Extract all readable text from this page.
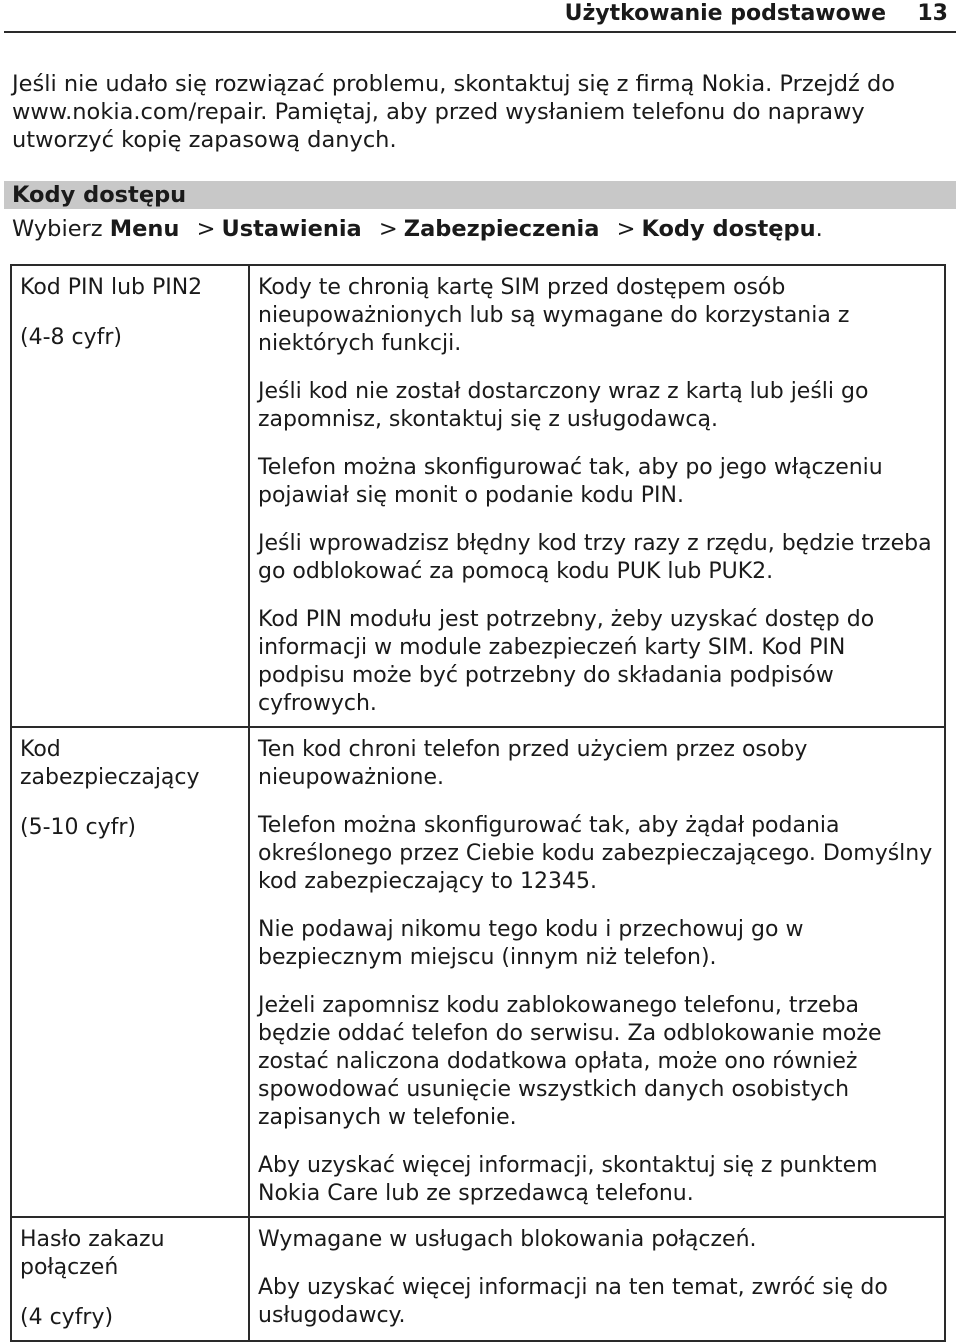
Użytkowanie podstawowe 13

Jeśli nie udało się rozwiązać problemu, skontaktuj się z firmą Nokia. Przejdź do www.nokia.com/repair. Pamiętaj, aby przed wysłaniem telefonu do naprawy utworzyć kopię zapasową danych.

Kody dostępu
Wybierz Menu > Ustawienia > Zabezpieczenia > Kody dostępu.
Kod PIN lub PIN2
(4-8 cyfr)	Kody te chronią kartę SIM przed dostępem osób nieupoważnionych lub są wymagane do korzystania z niektórych funkcji.
Jeśli kod nie został dostarczony wraz z kartą lub jeśli go zapomnisz, skontaktuj się z usługodawcą.
Telefon można skonfigurować tak, aby po jego włączeniu pojawiał się monit o podanie kodu PIN.
Jeśli wprowadzisz błędny kod trzy razy z rzędu, będzie trzeba go odblokować za pomocą kodu PUK lub PUK2.
Kod PIN modułu jest potrzebny, żeby uzyskać dostęp do informacji w module zabezpieczeń karty SIM. Kod PIN podpisu może być potrzebny do składania podpisów cyfrowych.

Kod zabezpieczający
(5-10 cyfr)	Ten kod chroni telefon przed użyciem przez osoby nieupoważnione.
Telefon można skonfigurować tak, aby żądał podania określonego przez Ciebie kodu zabezpieczającego. Domyślny kod zabezpieczający to 12345.
Nie podawaj nikomu tego kodu i przechowuj go w bezpiecznym miejscu (innym niż telefon).
Jeżeli zapomnisz kodu zablokowanego telefonu, trzeba będzie oddać telefon do serwisu. Za odblokowanie może zostać naliczona dodatkowa opłata, może ono również spowodować usunięcie wszystkich danych osobistych zapisanych w telefonie.
Aby uzyskać więcej informacji, skontaktuj się z punktem Nokia Care lub ze sprzedawcą telefonu.

Hasło zakazu połączeń
(4 cyfry)	Wymagane w usługach blokowania połączeń.
Aby uzyskać więcej informacji na ten temat, zwróć się do usługodawcy.
